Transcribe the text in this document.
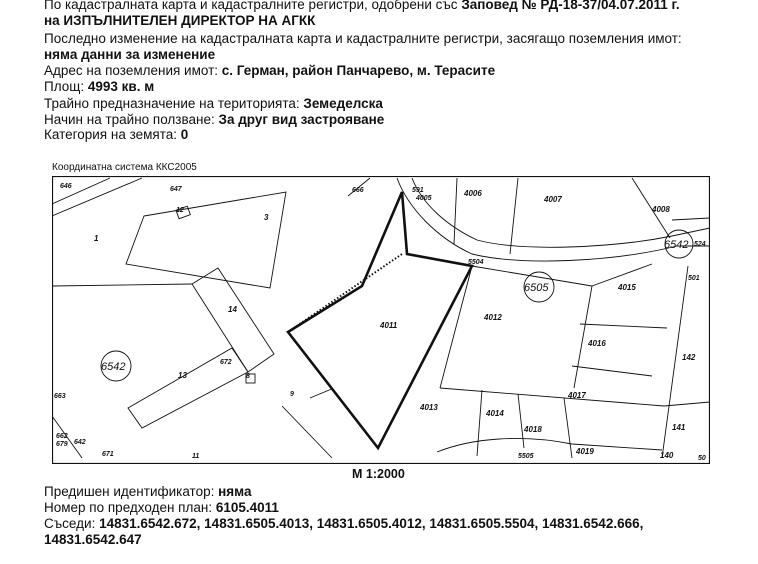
По кадастралната карта и кадастралните регистри, одобрени със Заповед № РД-18-37/04.07.2011 г.
на ИЗПЪЛНИТЕЛЕН ДИРЕКТОР НА АГКК
Последно изменение на кадастралната карта и кадастралните регистри, засягащо поземления имот:
няма данни за изменение
Адрес на поземления имот: с. Герман, район Панчарево, м. Терасите
Площ: 4993 кв. м
Трайно предназначение на територията: Земеделска
Начин на трайно ползване: За друг вид застрояване
Категория на земята: 0
Координатна система ККС2005
4011
1
3
14
13
4012
4013
4014
4015
4016
4017
4018
4019
4006
4007
4008
4005
142
141
140
501
524
5504
5505
647
646
672
642
662
679
663
671	11
8
9
666	591
50
12
6542
6505
6542
М 1:2000
Предишен идентификатор: няма
Номер по предходен план: 6105.4011
Съседи: 14831.6542.672, 14831.6505.4013, 14831.6505.4012, 14831.6505.5504, 14831.6542.666,
14831.6542.647
